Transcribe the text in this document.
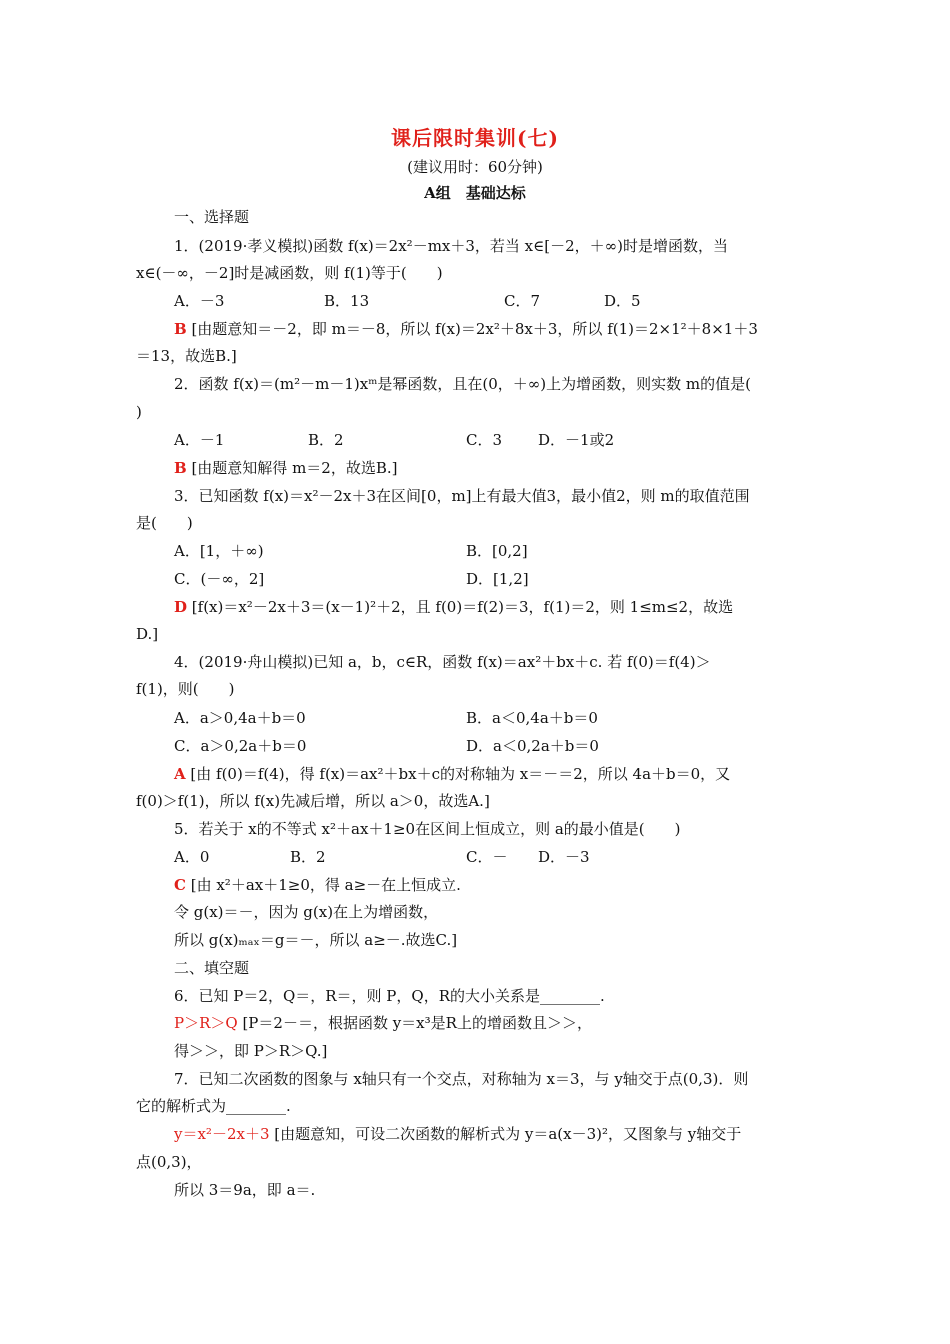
课后限时集训(七)
(建议用时：60分钟)
A组　基础达标
一、选择题
1．(2019·孝义模拟)函数 f(x)＝2x²－mx＋3，若当 x∈[－2，＋∞)时是增函数，当
x∈(－∞，－2]时是减函数，则 f(1)等于(　　)
A．－3	B．13	C．7	D．5
B [由题意知＝－2，即 m＝－8，所以 f(x)＝2x²＋8x＋3，所以 f(1)＝2×1²＋8×1＋3
＝13，故选B.]
2．函数 f(x)＝(m²－m－1)xᵐ是幂函数，且在(0，＋∞)上为增函数，则实数 m的值是(
)
A．－1	B．2	C．3 D．－1或2
B [由题意知解得 m＝2，故选B.]
3．已知函数 f(x)＝x²－2x＋3在区间[0，m]上有最大值3，最小值2，则 m的取值范围
是(　　)
A．[1，＋∞)	B．[0,2]
C．(－∞，2]	D．[1,2]
D [f(x)＝x²－2x＋3＝(x－1)²＋2，且 f(0)＝f(2)＝3，f(1)＝2，则 1≤m≤2，故选
D.]
4．(2019·舟山模拟)已知 a，b，c∈R，函数 f(x)＝ax²＋bx＋c. 若 f(0)＝f(4)＞
f(1)，则(　　)
A．a＞0,4a＋b＝0	B．a＜0,4a＋b＝0
C．a＞0,2a＋b＝0	D．a＜0,2a＋b＝0
A [由 f(0)＝f(4)，得 f(x)＝ax²＋bx＋c的对称轴为 x＝－＝2，所以 4a＋b＝0，又
f(0)＞f(1)，所以 f(x)先减后增，所以 a＞0，故选A.]
5．若关于 x的不等式 x²＋ax＋1≥0在区间上恒成立，则 a的最小值是(　　)
A．0	B．2	C．－ D．－3
C [由 x²＋ax＋1≥0，得 a≥－在上恒成立.
令 g(x)＝－，因为 g(x)在上为增函数，
所以 g(x)ₘₐₓ＝g＝－，所以 a≥－.故选C.]
二、填空题
6．已知 P＝2，Q＝，R＝，则 P，Q，R的大小关系是________.
P＞R＞Q [P＝2－＝，根据函数 y＝x³是R上的增函数且＞＞，
得＞＞，即 P＞R＞Q.]
7．已知二次函数的图象与 x轴只有一个交点，对称轴为 x＝3，与 y轴交于点(0,3)．则
它的解析式为________.
y＝x²－2x＋3 [由题意知，可设二次函数的解析式为 y＝a(x－3)²，又图象与 y轴交于
点(0,3)，
所以 3＝9a，即 a＝.
